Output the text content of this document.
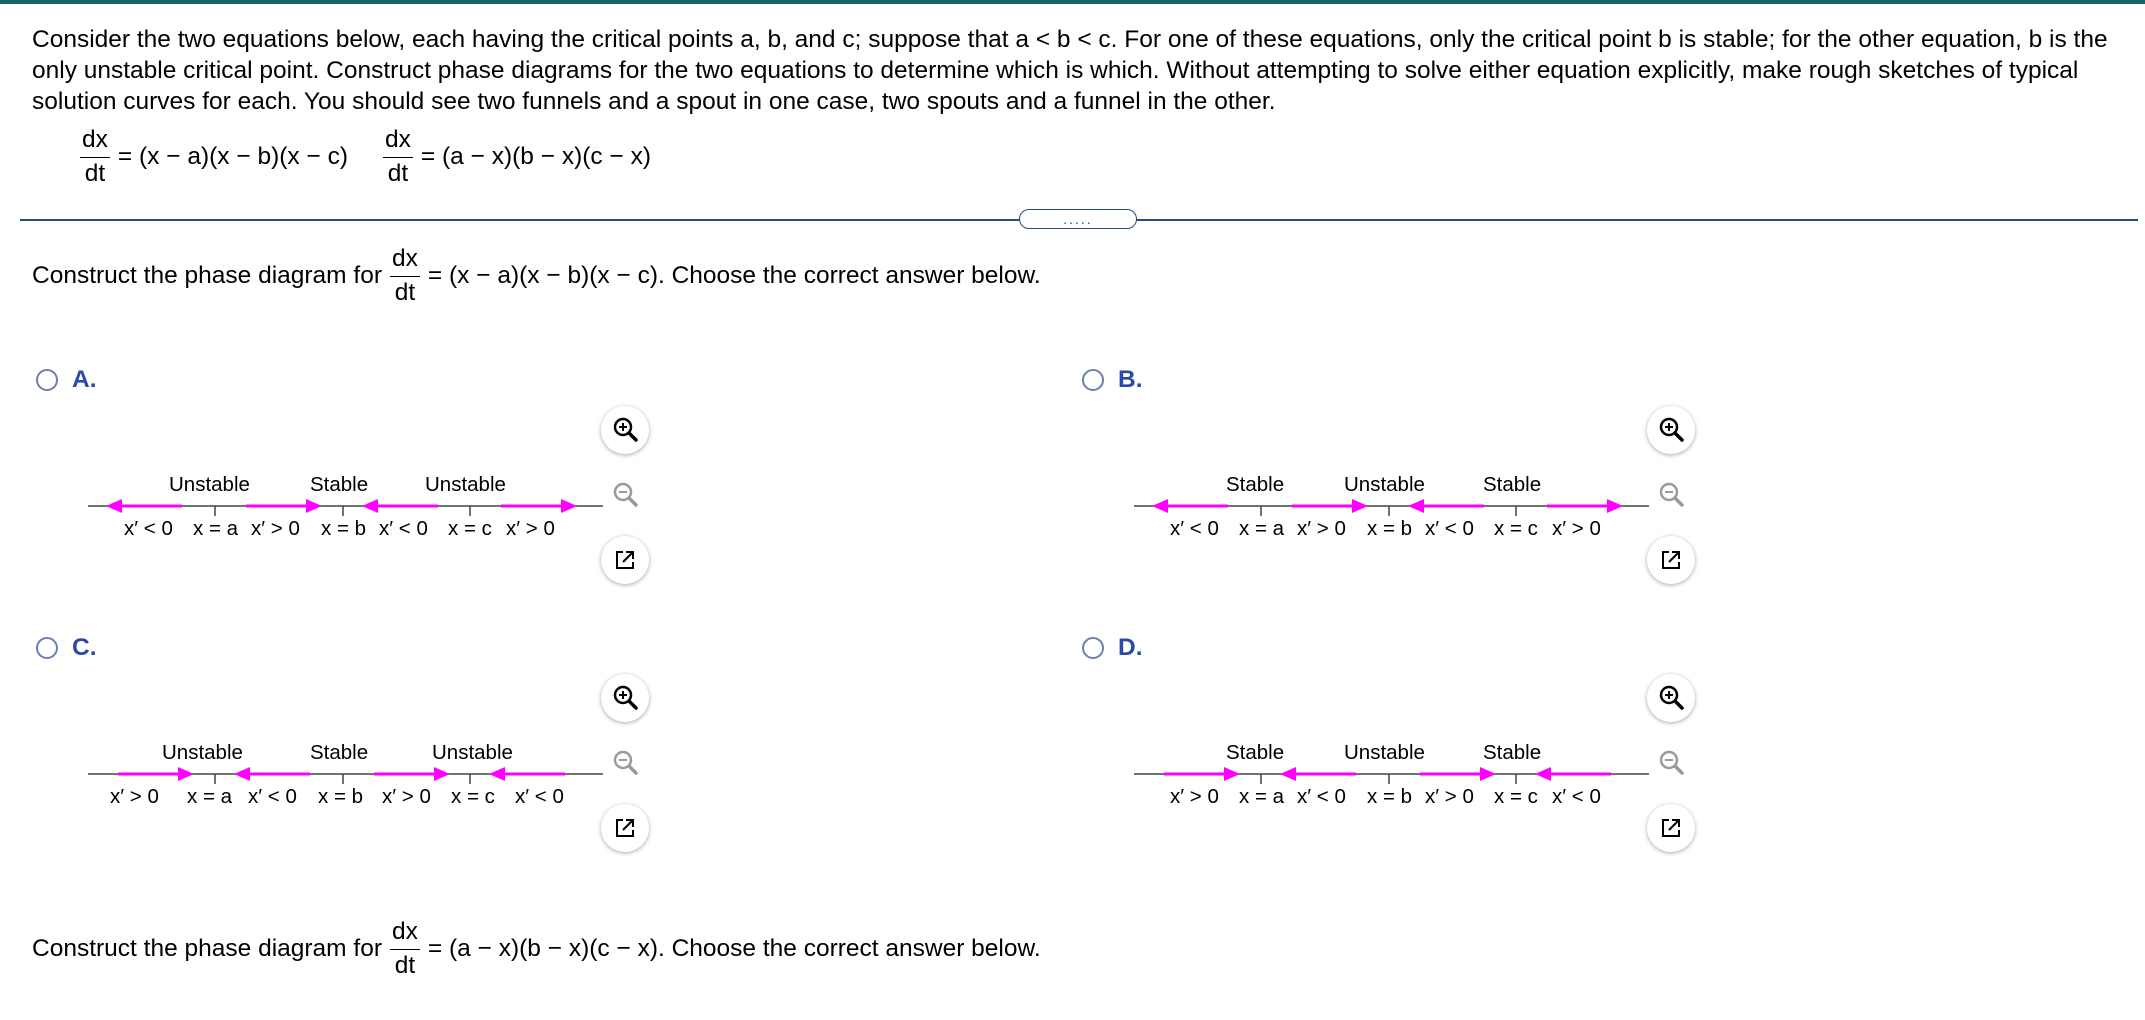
Consider the two equations below, each having the critical points a, b, and c; suppose that a < b < c. For one of these equations, only the critical point b is stable; for the other equation, b is the only unstable critical point. Construct phase diagrams for the two equations to determine which is which. Without attempting to solve either equation explicitly, make rough sketches of typical solution curves for each. You should see two funnels and a spout in one case, two spouts and a funnel in the other.
$\frac{dx}{dt} = (x - a)(x - b)(x - c) \frac{dx}{dt} = (a - x)(b - x)(c - x)$
.....
Construct the phase diagram for $\frac{dx}{dt} = (x - a)(x - b)(x - c)$. Choose the correct answer below.
A.
Unstable	Stable	Unstable
x′ < 0 x = a x′ > 0 x = b x′ < 0 x = c x′ > 0
B.
Stable	Unstable	Stable
x′ < 0 x = a x′ > 0 x = b x′ < 0 x = c x′ > 0
C.
Unstable	Stable	Unstable
x′ > 0 x = a x′ < 0 x = b x′ > 0 x = c x′ < 0
D.
Stable	Unstable	Stable
x′ > 0 x = a x′ < 0 x = b x′ > 0 x = c x′ < 0
Construct the phase diagram for $\frac{dx}{dt} = (a - x)(b - x)(c - x)$. Choose the correct answer below.
